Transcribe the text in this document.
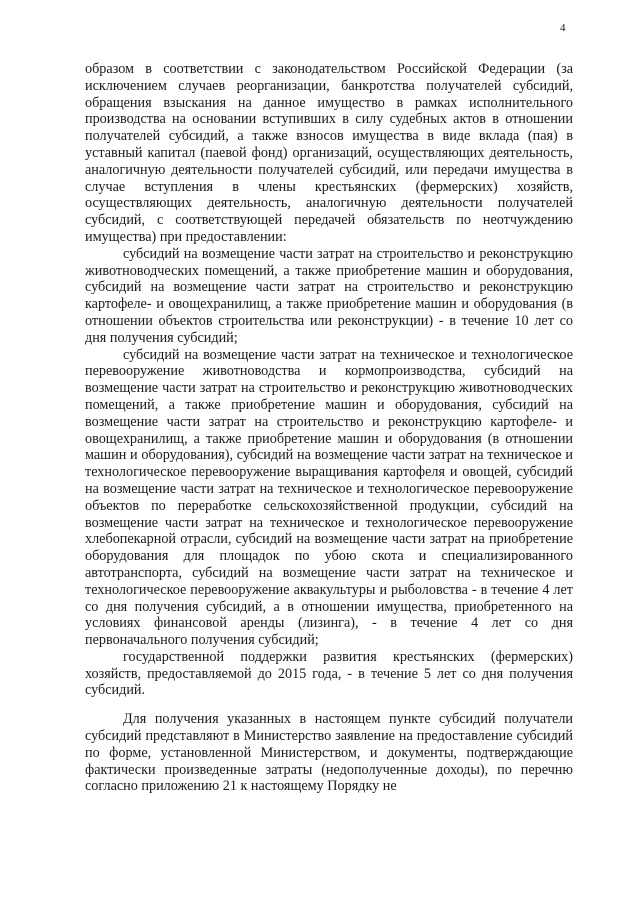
4

образом в соответствии с законодательством Российской Федерации (за исключением случаев реорганизации, банкротства получателей субсидий, обращения взыскания на данное имущество в рамках исполнительного производства на основании вступивших в силу судебных актов в отношении получателей субсидий, а также взносов имущества в виде вклада (пая) в уставный капитал (паевой фонд) организаций, осуществляющих деятельность, аналогичную деятельности получателей субсидий, или передачи имущества в случае вступления в члены крестьянских (фермерских) хозяйств, осуществляющих деятельность, аналогичную деятельности получателей субсидий, с соответствующей передачей обязательств по неотчуждению имущества) при предоставлении:

субсидий на возмещение части затрат на строительство и реконструкцию животноводческих помещений, а также приобретение машин и оборудования, субсидий на возмещение части затрат на строительство и реконструкцию картофеле- и овощехранилищ, а также приобретение машин и оборудования (в отношении объектов строительства или реконструкции) - в течение 10 лет со дня получения субсидий;

субсидий на возмещение части затрат на техническое и технологическое перевооружение животноводства и кормопроизводства, субсидий на возмещение части затрат на строительство и реконструкцию животноводческих помещений, а также приобретение машин и оборудования, субсидий на возмещение части затрат на строительство и реконструкцию картофеле- и овощехранилищ, а также приобретение машин и оборудования (в отношении машин и оборудования), субсидий на возмещение части затрат на техническое и технологическое перевооружение выращивания картофеля и овощей, субсидий на возмещение части затрат на техническое и технологическое перевооружение объектов по переработке сельскохозяйственной продукции, субсидий на возмещение части затрат на техническое и технологическое перевооружение хлебопекарной отрасли, субсидий на возмещение части затрат на приобретение оборудования для площадок по убою скота и специализированного автотранспорта, субсидий на возмещение части затрат на техническое и технологическое перевооружение аквакультуры и рыболовства - в течение 4 лет со дня получения субсидий, а в отношении имущества, приобретенного на условиях финансовой аренды (лизинга), - в течение 4 лет со дня первоначального получения субсидий;

государственной поддержки развития крестьянских (фермерских) хозяйств, предоставляемой до 2015 года, - в течение 5 лет со дня получения субсидий.

Для получения указанных в настоящем пункте субсидий получатели субсидий представляют в Министерство заявление на предоставление субсидий по форме, установленной Министерством, и документы, подтверждающие фактически произведенные затраты (недополученные доходы), по перечню согласно приложению 21 к настоящему Порядку не
